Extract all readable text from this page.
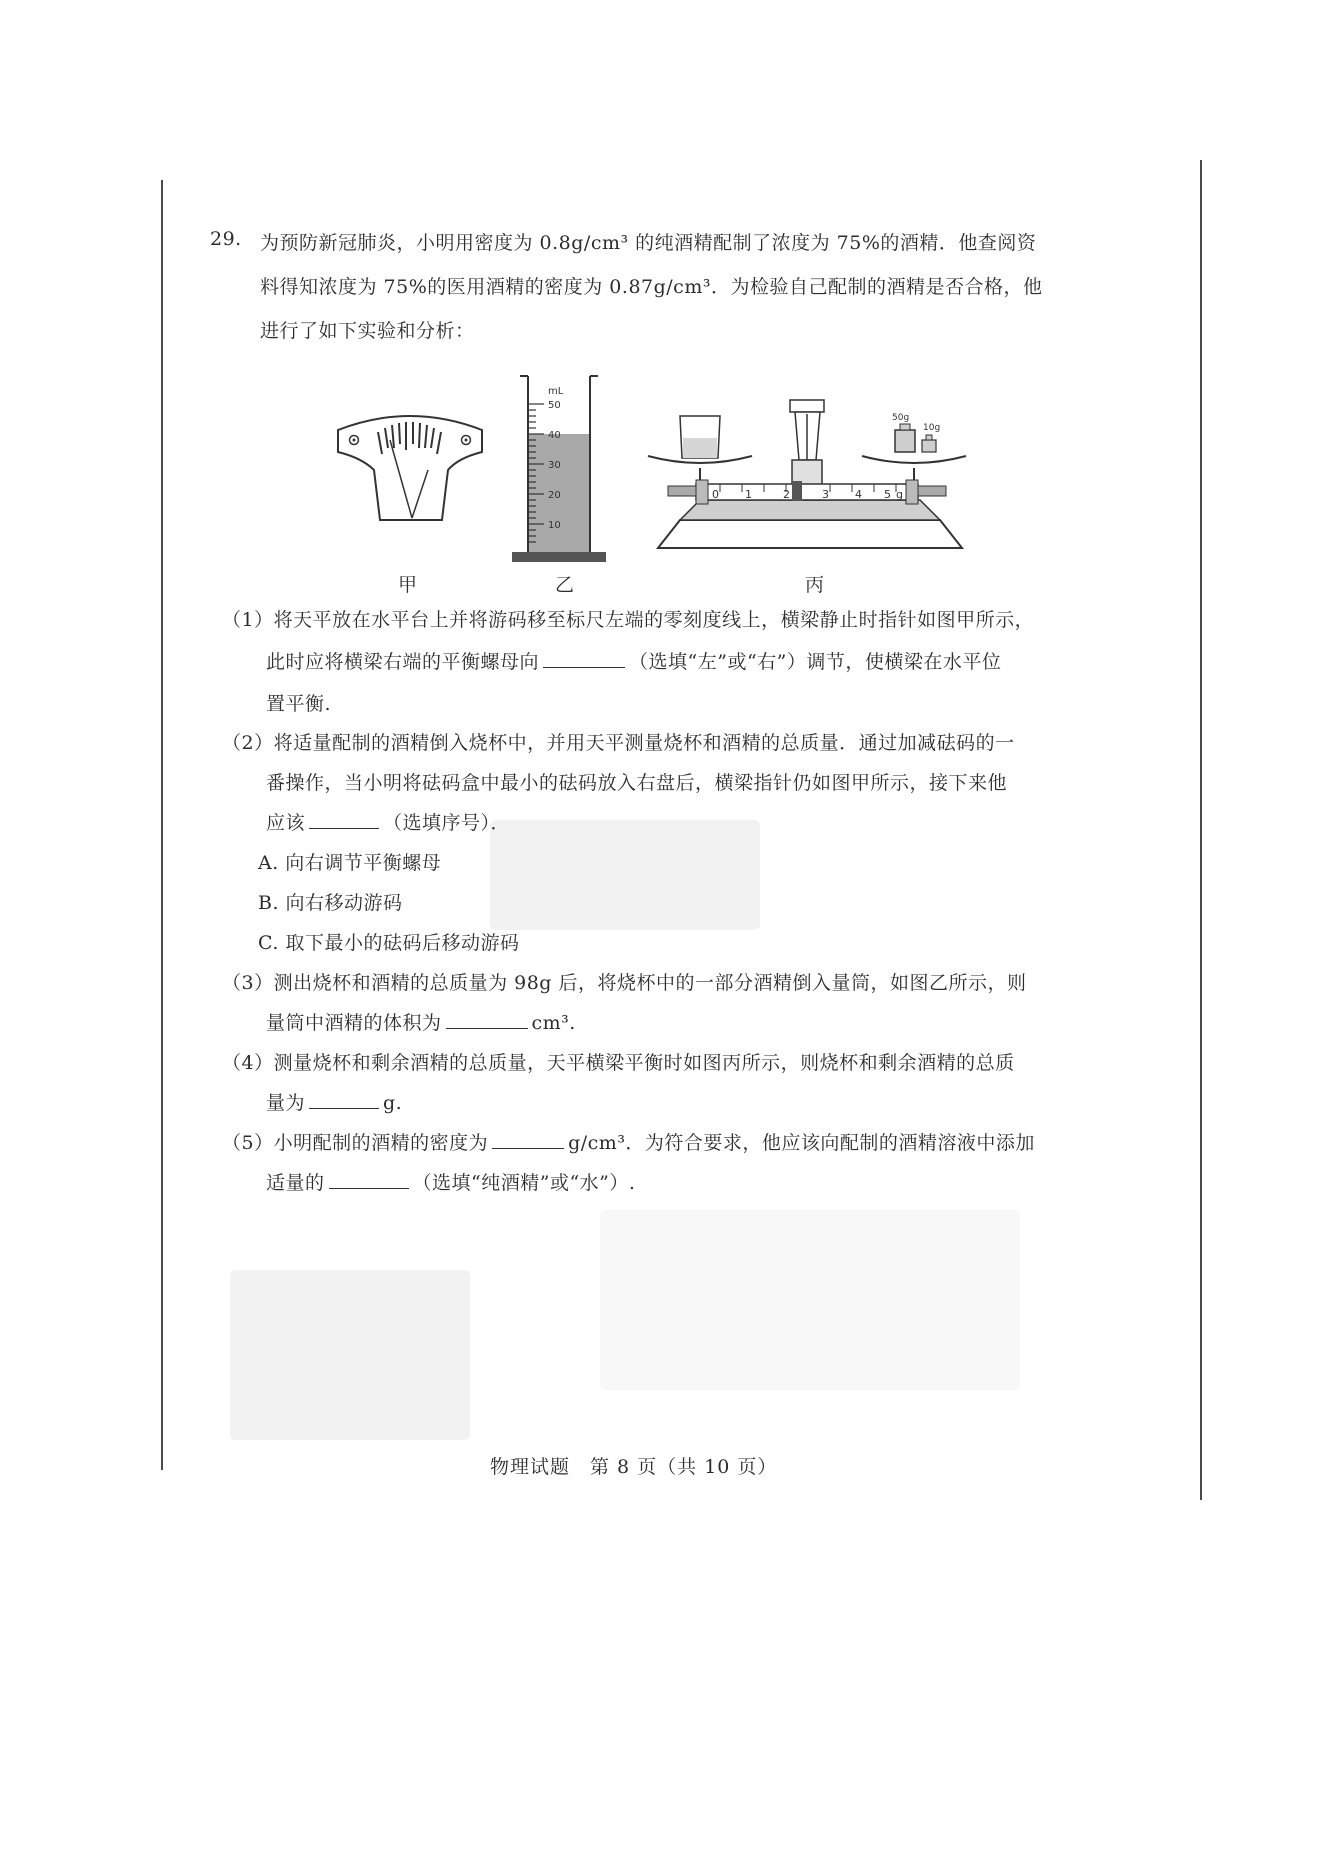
29. 为预防新冠肺炎，小明用密度为 0.8g/cm³ 的纯酒精配制了浓度为 75%的酒精．他查阅资
料得知浓度为 75%的医用酒精的密度为 0.87g/cm³．为检验自己配制的酒精是否合格，他
进行了如下实验和分析：
mL
50
40
30
20
10
50g
10g
0 1	2	3 4 5 g
甲	乙	丙
（1）将天平放在水平台上并将游码移至标尺左端的零刻度线上，横梁静止时指针如图甲所示，
此时应将横梁右端的平衡螺母向	（选填“左”或“右”）调节，使横梁在水平位
置平衡.
（2）将适量配制的酒精倒入烧杯中，并用天平测量烧杯和酒精的总质量．通过加减砝码的一
番操作，当小明将砝码盒中最小的砝码放入右盘后，横梁指针仍如图甲所示，接下来他
应该	（选填序号）．
A. 向右调节平衡螺母
B. 向右移动游码
C. 取下最小的砝码后移动游码
（3）测出烧杯和酒精的总质量为 98g 后，将烧杯中的一部分酒精倒入量筒，如图乙所示，则
量筒中酒精的体积为	cm³.
（4）测量烧杯和剩余酒精的总质量，天平横梁平衡时如图丙所示，则烧杯和剩余酒精的总质
量为	g.
（5）小明配制的酒精的密度为	g/cm³．为符合要求，他应该向配制的酒精溶液中添加
适量的	（选填“纯酒精”或“水”）.
物理试题　第 8 页（共 10 页）
